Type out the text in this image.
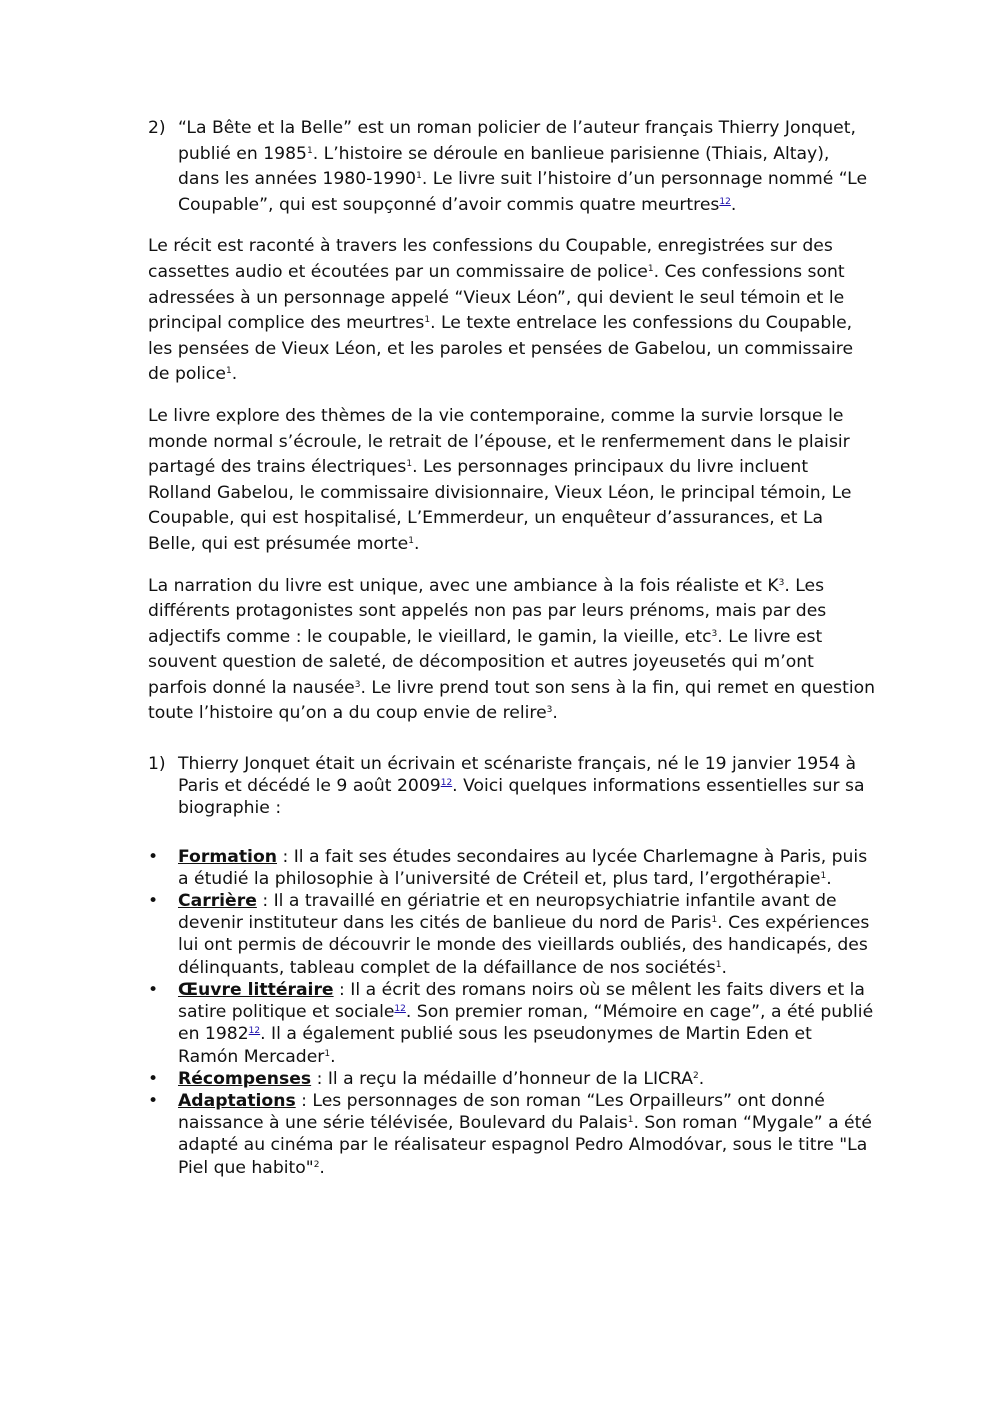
2) “La Bête et la Belle” est un roman policier de l’auteur français Thierry Jonquet, publié en 1985$^1$. L’histoire se déroule en banlieue parisienne (Thiais, Altay), dans les années 1980-1990$^1$. Le livre suit l’histoire d’un personnage nommé “Le Coupable”, qui est soupçonné d’avoir commis quatre meurtres$^{12}$.

Le récit est raconté à travers les confessions du Coupable, enregistrées sur des cassettes audio et écoutées par un commissaire de police$^1$. Ces confessions sont adressées à un personnage appelé “Vieux Léon”, qui devient le seul témoin et le principal complice des meurtres$^1$. Le texte entrelace les confessions du Coupable, les pensées de Vieux Léon, et les paroles et pensées de Gabelou, un commissaire de police$^1$.

Le livre explore des thèmes de la vie contemporaine, comme la survie lorsque le monde normal s’écroule, le retrait de l’épouse, et le renfermement dans le plaisir partagé des trains électriques$^1$. Les personnages principaux du livre incluent Rolland Gabelou, le commissaire divisionnaire, Vieux Léon, le principal témoin, Le Coupable, qui est hospitalisé, L’Emmerdeur, un enquêteur d’assurances, et La Belle, qui est présumée morte$^1$.

La narration du livre est unique, avec une ambiance à la fois réaliste et $K^3$. Les différents protagonistes sont appelés non pas par leurs prénoms, mais par des adjectifs comme : le coupable, le vieillard, le gamin, la vieille, etc$^3$. Le livre est souvent question de saleté, de décomposition et autres joyeusetés qui m’ont parfois donné la nausée$^3$. Le livre prend tout son sens à la fin, qui remet en question toute l’histoire qu’on a du coup envie de relire$^3$.

1) Thierry Jonquet était un écrivain et scénariste français, né le 19 janvier 1954 à Paris et décédé le 9 août 2009$^{12}$. Voici quelques informations essentielles sur sa biographie :
• Formation : Il a fait ses études secondaires au lycée Charlemagne à Paris, puis a étudié la philosophie à l’université de Créteil et, plus tard, l’ergothérapie$^1$.
• Carrière : Il a travaillé en gériatrie et en neuropsychiatrie infantile avant de devenir instituteur dans les cités de banlieue du nord de Paris$^1$. Ces expériences lui ont permis de découvrir le monde des vieillards oubliés, des handicapés, des délinquants, tableau complet de la défaillance de nos sociétés$^1$.
• Œuvre littéraire : Il a écrit des romans noirs où se mêlent les faits divers et la satire politique et sociale$^{12}$. Son premier roman, “Mémoire en cage”, a été publié en 1982$^{12}$. Il a également publié sous les pseudonymes de Martin Eden et Ramón Mercader$^1$.
• Récompenses : Il a reçu la médaille d’honneur de la LICRA$^2$.
• Adaptations : Les personnages de son roman “Les Orpailleurs” ont donné naissance à une série télévisée, Boulevard du Palais$^1$. Son roman “Mygale” a été adapté au cinéma par le réalisateur espagnol Pedro Almodóvar, sous le titre "La Piel que habito"$^2$.
